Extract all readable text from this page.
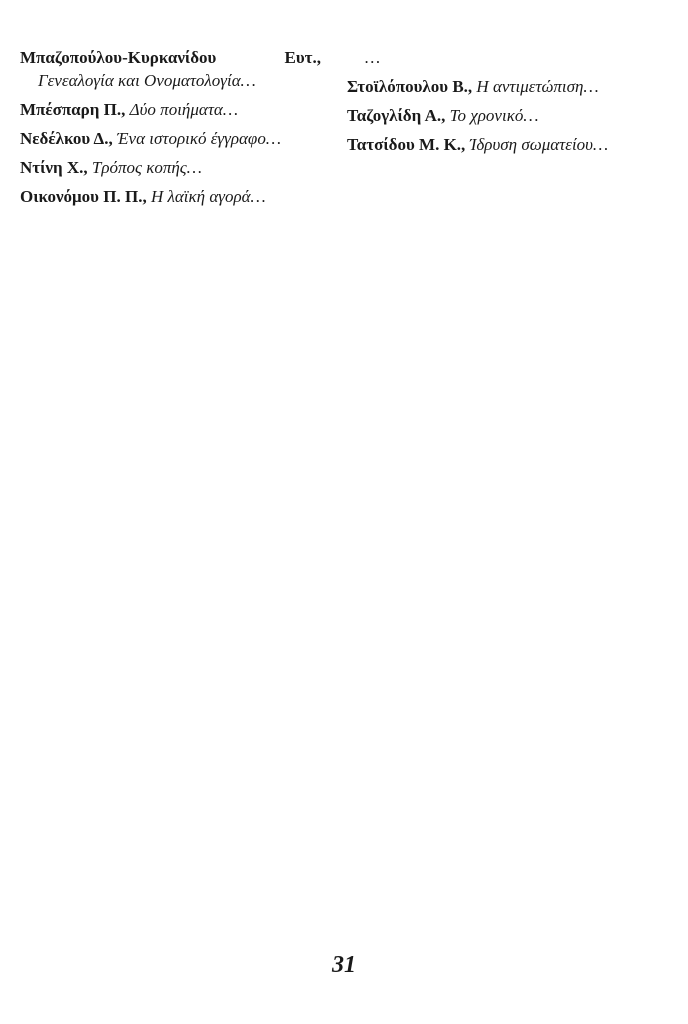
Μπαζοπούλου-Κυρκανίδου Ευτ., Γενεαλογία και Ονοματολογία…

Μπέσπαρη Π., Δύο ποιήματα…

Νεδέλκου Δ., Ένα ιστορικό έγγραφο…

Ντίνη Χ., Τρόπος κοπής…

Οικονόμου Π. Π., Η λαϊκή αγορά…

…

Στοϊλόπουλου Β., Η αντιμετώπιση…

Ταζογλίδη Α., Το χρονικό…

Τατσίδου Μ. Κ., Ίδρυση σωματείου…

31
